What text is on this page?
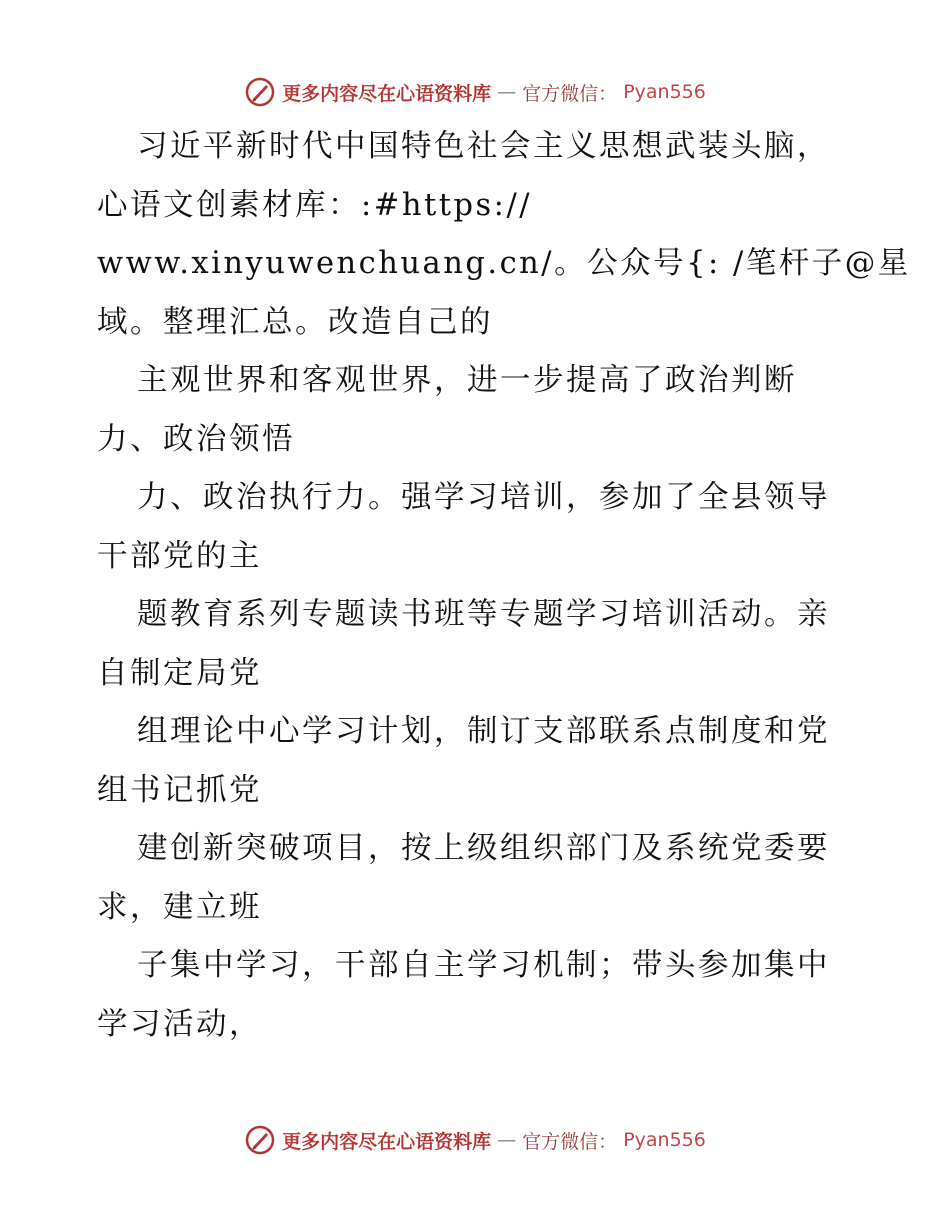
更多内容尽在心语资料库 — 官方微信： Pyan556
习近平新时代中国特色社会主义思想武装头脑，
心语文创素材库：:#https://
www.xinyuwenchuang.cn/。公众号{: /笔杆子@星
域。整理汇总。改造自己的
主观世界和客观世界，进一步提高了政治判断
力、政治领悟
力、政治执行力。强学习培训，参加了全县领导
干部党的主
题教育系列专题读书班等专题学习培训活动。亲
自制定局党
组理论中心学习计划，制订支部联系点制度和党
组书记抓党
建创新突破项目，按上级组织部门及系统党委要
求，建立班
子集中学习，干部自主学习机制；带头参加集中
学习活动，
更多内容尽在心语资料库 — 官方微信： Pyan556
